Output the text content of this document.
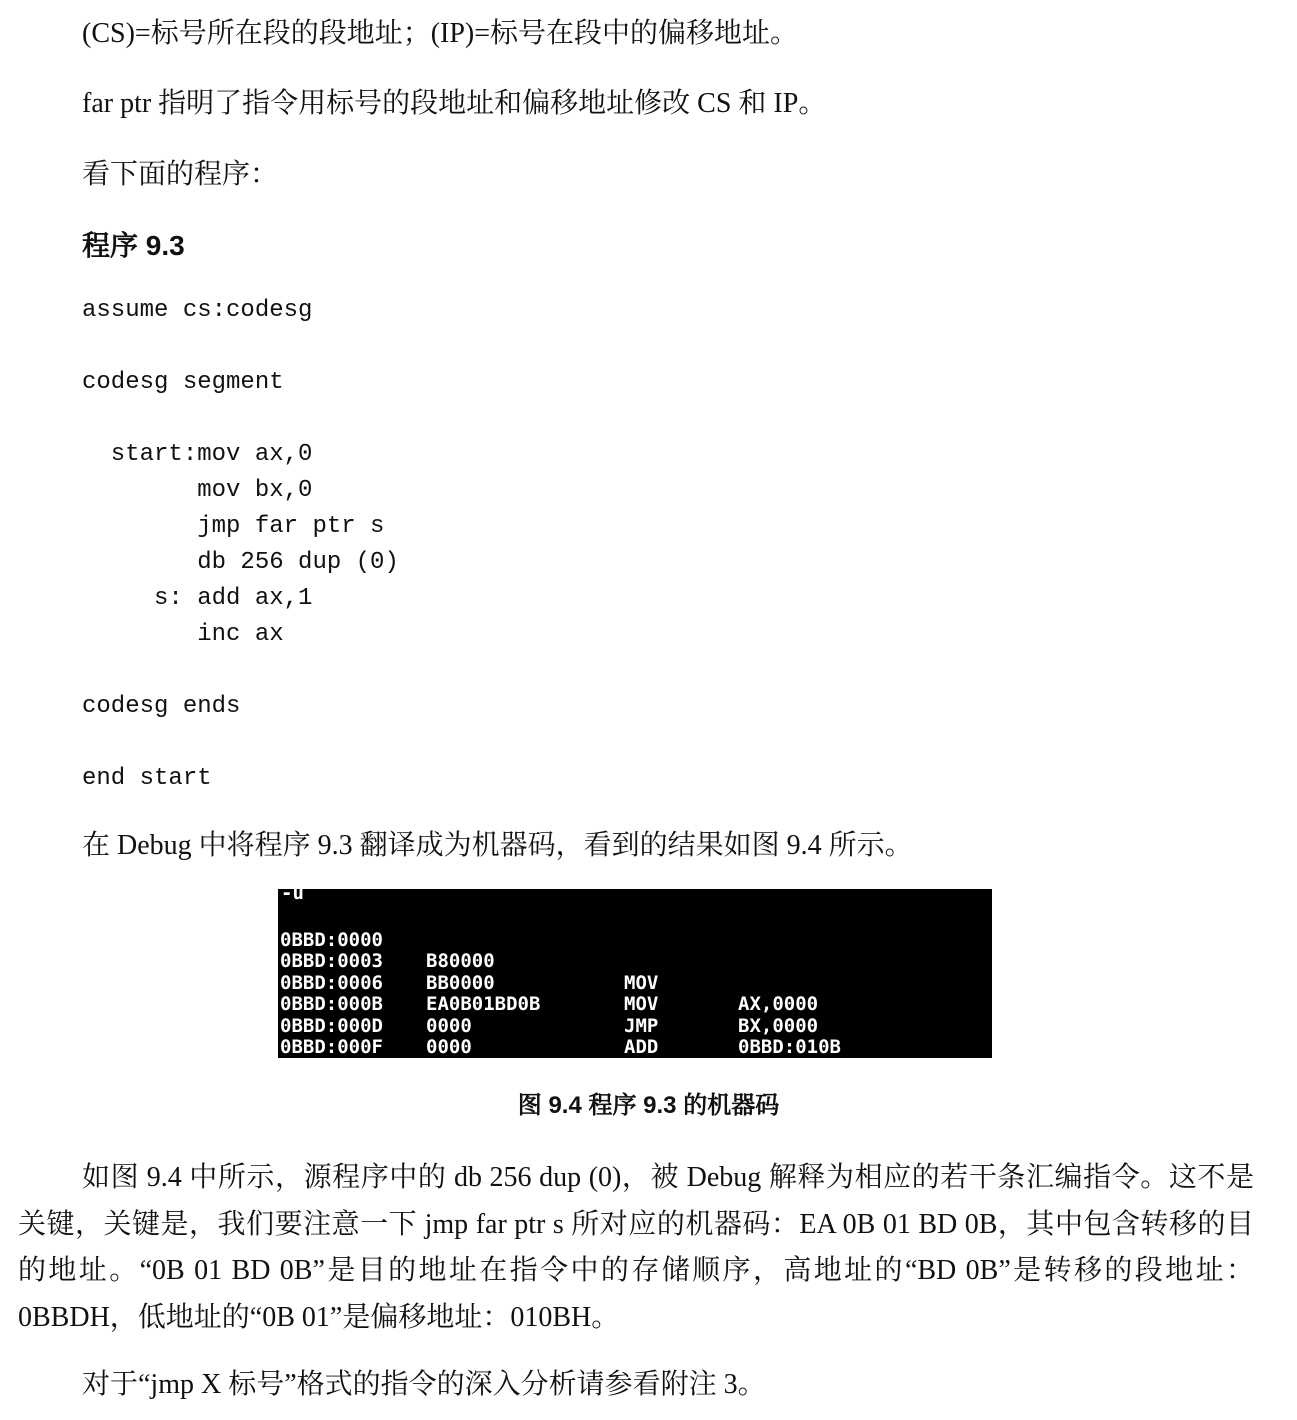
(CS)=标号所在段的段地址；(IP)=标号在段中的偏移地址。
far ptr 指明了指令用标号的段地址和偏移地址修改 CS 和 IP。
看下面的程序：
程序 9.3
assume cs:codesg
codesg segment
start:mov ax,0
mov bx,0
jmp far ptr s
db 256 dup (0)
s: add ax,1
inc ax
codesg ends
end start
在 Debug 中将程序 9.3 翻译成为机器码，看到的结果如图 9.4 所示。
-u

0BBD:0000

B80000

MOV

AX,0000

0BBD:0003

BB0000

MOV

BX,0000

0BBD:0006

EA0B01BD0B

JMP

0BBD:010B

0BBD:000B

0000

ADD

0BBD:000D

0000

0BBD:000F

图 9.4 程序 9.3 的机器码
如图 9.4 中所示，源程序中的 db 256 dup (0)，被 Debug 解释为相应的若干条汇编指令。这不是关键，关键是，我们要注意一下 jmp far ptr s 所对应的机器码：EA 0B 01 BD 0B，其中包含转移的目的地址。“0B 01 BD 0B”是目的地址在指令中的存储顺序，高地址的“BD 0B”是转移的段地址：0BBDH，低地址的“0B 01”是偏移地址：010BH。
对于“jmp X 标号”格式的指令的深入分析请参看附注 3。
